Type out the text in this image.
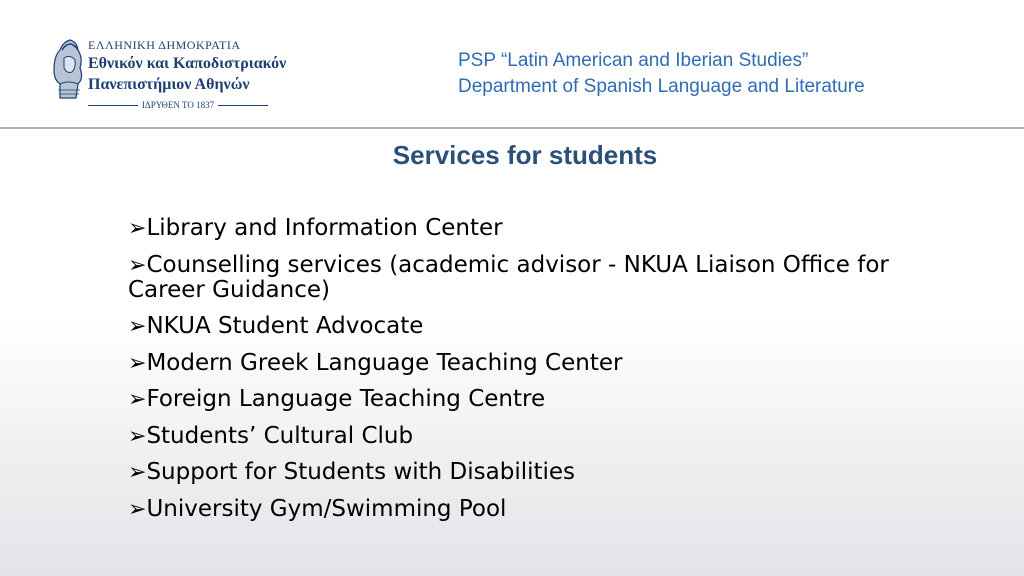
ΕΛΛΗΝΙΚΗ ΔΗΜΟΚΡΑΤΙΑ
Εθνικόν και Καποδιστριακόν
Πανεπιστήμιον Αθηνών
ΙΔΡΥΘΕΝ ΤΟ 1837
PSP “Latin American and Iberian Studies”
Department of Spanish Language and Literature
Services for students
➢Library and Information Center
➢Counselling services (academic advisor - NKUA Liaison Office for Career Guidance)
➢NKUA Student Advocate
➢Modern Greek Language Teaching Center
➢Foreign Language Teaching Centre
➢Students’ Cultural Club
➢Support for Students with Disabilities
➢University Gym/Swimming Pool
